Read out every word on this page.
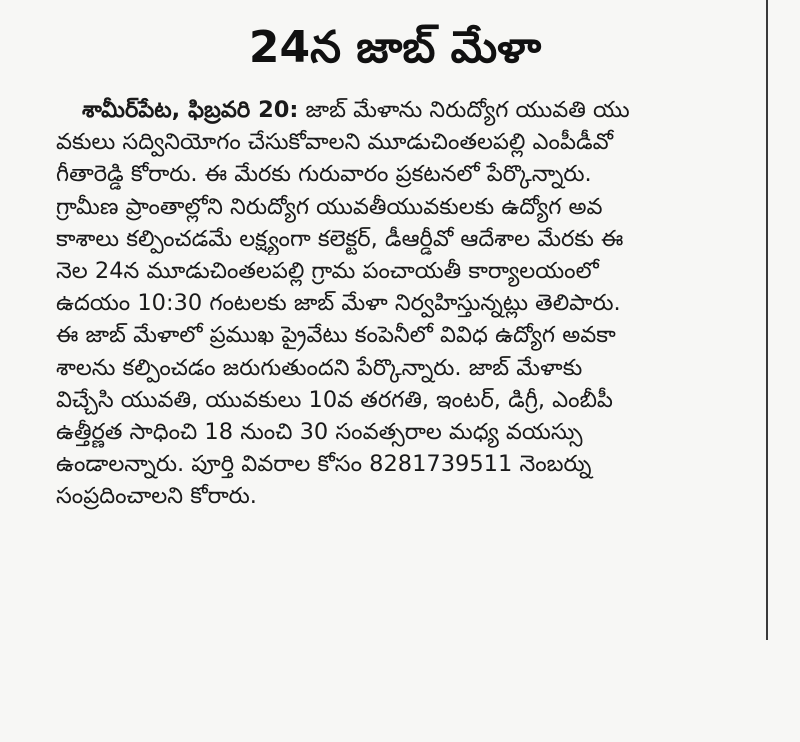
24న జాబ్ మేళా
శామీర్‌పేట, ఫిబ్రవరి 20: జాబ్ మేళాను నిరుద్యోగ యువతి యు
వకులు సద్వినియోగం చేసుకోవాలని మూడుచింతలపల్లి ఎంపీడీవో
గీతారెడ్డి కోరారు. ఈ మేరకు గురువారం ప్రకటనలో పేర్కొన్నారు.
గ్రామీణ ప్రాంతాల్లోని నిరుద్యోగ యువతీయువకులకు ఉద్యోగ అవ
కాశాలు కల్పించడమే లక్ష్యంగా కలెక్టర్, డీఆర్డీవో ఆదేశాల మేరకు ఈ
నెల 24న మూడుచింతలపల్లి గ్రామ పంచాయతీ కార్యాలయంలో
ఉదయం 10:30 గంటలకు జాబ్ మేళా నిర్వహిస్తున్నట్లు తెలిపారు.
ఈ జాబ్ మేళాలో ప్రముఖ ప్రైవేటు కంపెనీలో వివిధ ఉద్యోగ అవకా
శాలను కల్పించడం జరుగుతుందని పేర్కొన్నారు. జాబ్ మేళాకు
విచ్చేసి యువతి, యువకులు 10వ తరగతి, ఇంటర్, డిగ్రీ, ఎంబీపీ
ఉత్తీర్ణత సాధించి 18 నుంచి 30 సంవత్సరాల మధ్య వయస్సు
ఉండాలన్నారు. పూర్తి వివరాల కోసం 8281739511 నెంబర్ను
సంప్రదించాలని కోరారు.
